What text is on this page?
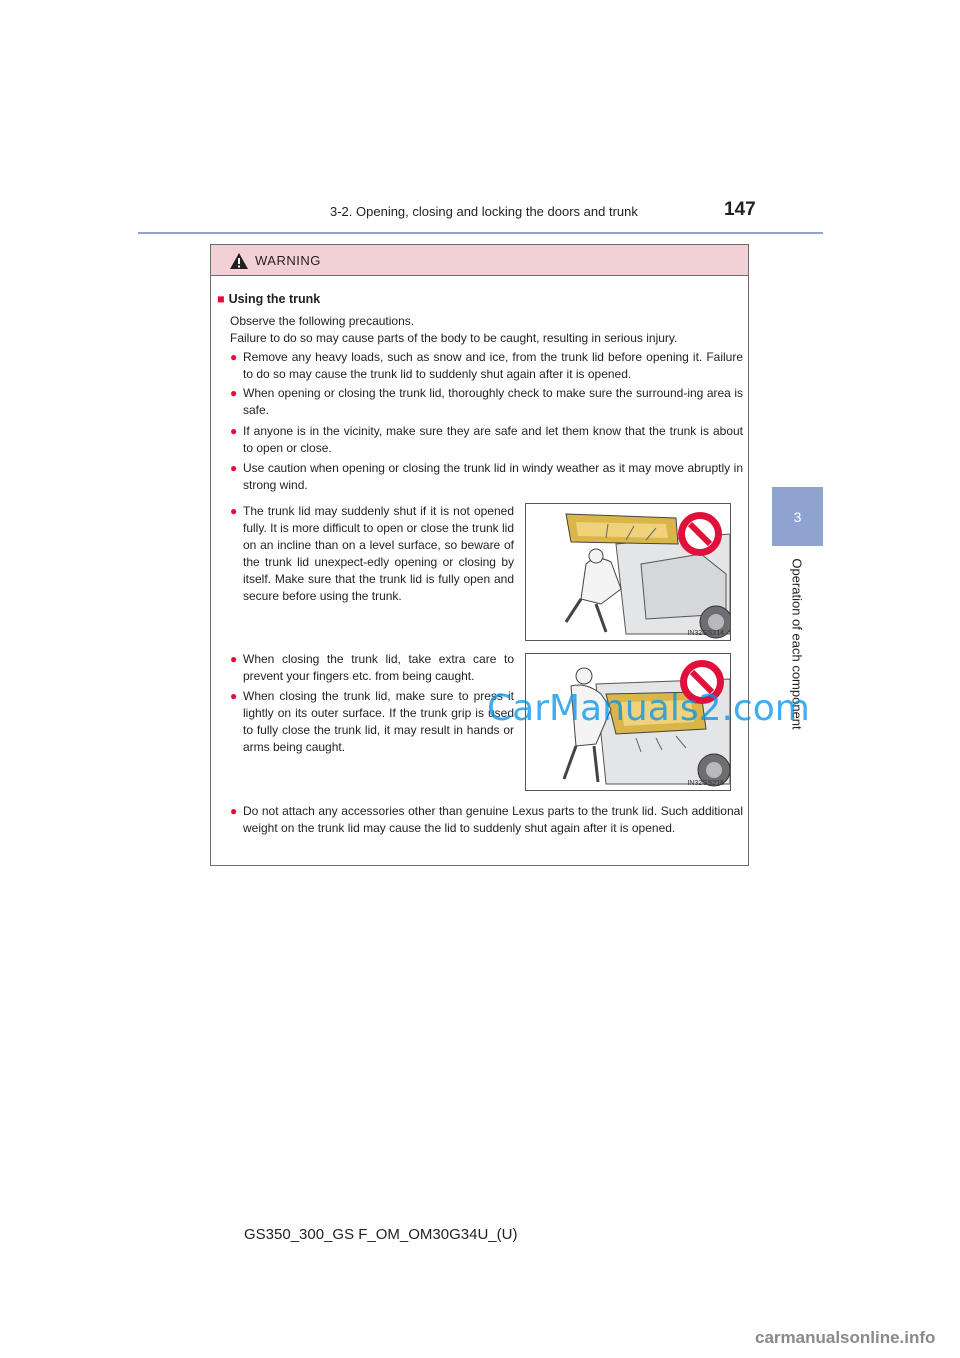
3-2. Opening, closing and locking the doors and trunk	147
3
Operation of each component
WARNING
■ Using the trunk
Observe the following precautions.
Failure to do so may cause parts of the body to be caught, resulting in serious injury.
● Remove any heavy loads, such as snow and ice, from the trunk lid before opening it. Failure to do so may cause the trunk lid to suddenly shut again after it is opened.
● When opening or closing the trunk lid, thoroughly check to make sure the surround-ing area is safe.
● If anyone is in the vicinity, make sure they are safe and let them know that the trunk is about to open or close.
● Use caution when opening or closing the trunk lid in windy weather as it may move abruptly in strong wind.
● The trunk lid may suddenly shut if it is not opened fully. It is more difficult to open or close the trunk lid on an incline than on a level surface, so beware of the trunk lid unexpect-edly opening or closing by itself. Make sure that the trunk lid is fully open and secure before using the trunk.
IN32GS214
● When closing the trunk lid, take extra care to prevent your fingers etc. from being caught.
● When closing the trunk lid, make sure to press it lightly on its outer surface. If the trunk grip is used to fully close the trunk lid, it may result in hands or arms being caught.
IN32GS216
● Do not attach any accessories other than genuine Lexus parts to the trunk lid. Such additional weight on the trunk lid may cause the lid to suddenly shut again after it is opened.
CarManuals2.com
GS350_300_GS F_OM_OM30G34U_(U)
carmanualsonline.info
